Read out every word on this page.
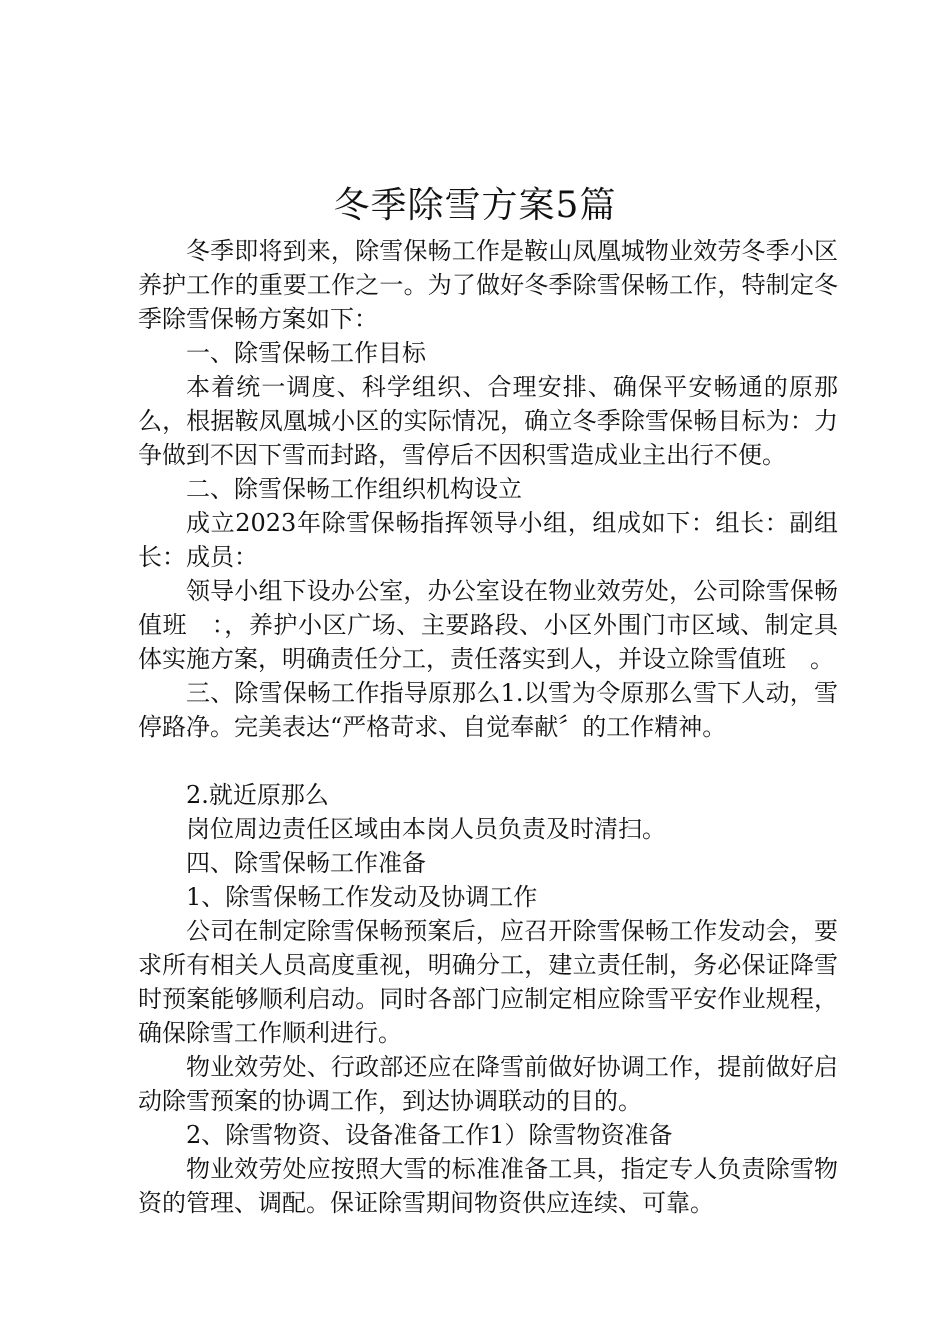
冬季除雪方案5篇

冬季即将到来，除雪保畅工作是鞍山凤凰城物业效劳冬季小区养护工作的重要工作之一。为了做好冬季除雪保畅工作，特制定冬季除雪保畅方案如下：

一、除雪保畅工作目标

本着统一调度、科学组织、合理安排、确保平安畅通的原那么，根据鞍凤凰城小区的实际情况，确立冬季除雪保畅目标为：力争做到不因下雪而封路，雪停后不因积雪造成业主出行不便。

二、除雪保畅工作组织机构设立

成立2023年除雪保畅指挥领导小组，组成如下：组长：副组长：成员：

领导小组下设办公室，办公室设在物业效劳处，公司除雪保畅值班　：，养护小区广场、主要路段、小区外围门市区域、制定具体实施方案，明确责任分工，责任落实到人，并设立除雪值班　。

三、除雪保畅工作指导原那么1.以雪为令原那么雪下人动，雪停路净。完美表达“严格苛求、自觉奉献〞的工作精神。

2.就近原那么

岗位周边责任区域由本岗人员负责及时清扫。

四、除雪保畅工作准备

1、除雪保畅工作发动及协调工作

公司在制定除雪保畅预案后，应召开除雪保畅工作发动会，要求所有相关人员高度重视，明确分工，建立责任制，务必保证降雪时预案能够顺利启动。同时各部门应制定相应除雪平安作业规程，确保除雪工作顺利进行。

物业效劳处、行政部还应在降雪前做好协调工作，提前做好启动除雪预案的协调工作，到达协调联动的目的。

2、除雪物资、设备准备工作1）除雪物资准备

物业效劳处应按照大雪的标准准备工具，指定专人负责除雪物资的管理、调配。保证除雪期间物资供应连续、可靠。
